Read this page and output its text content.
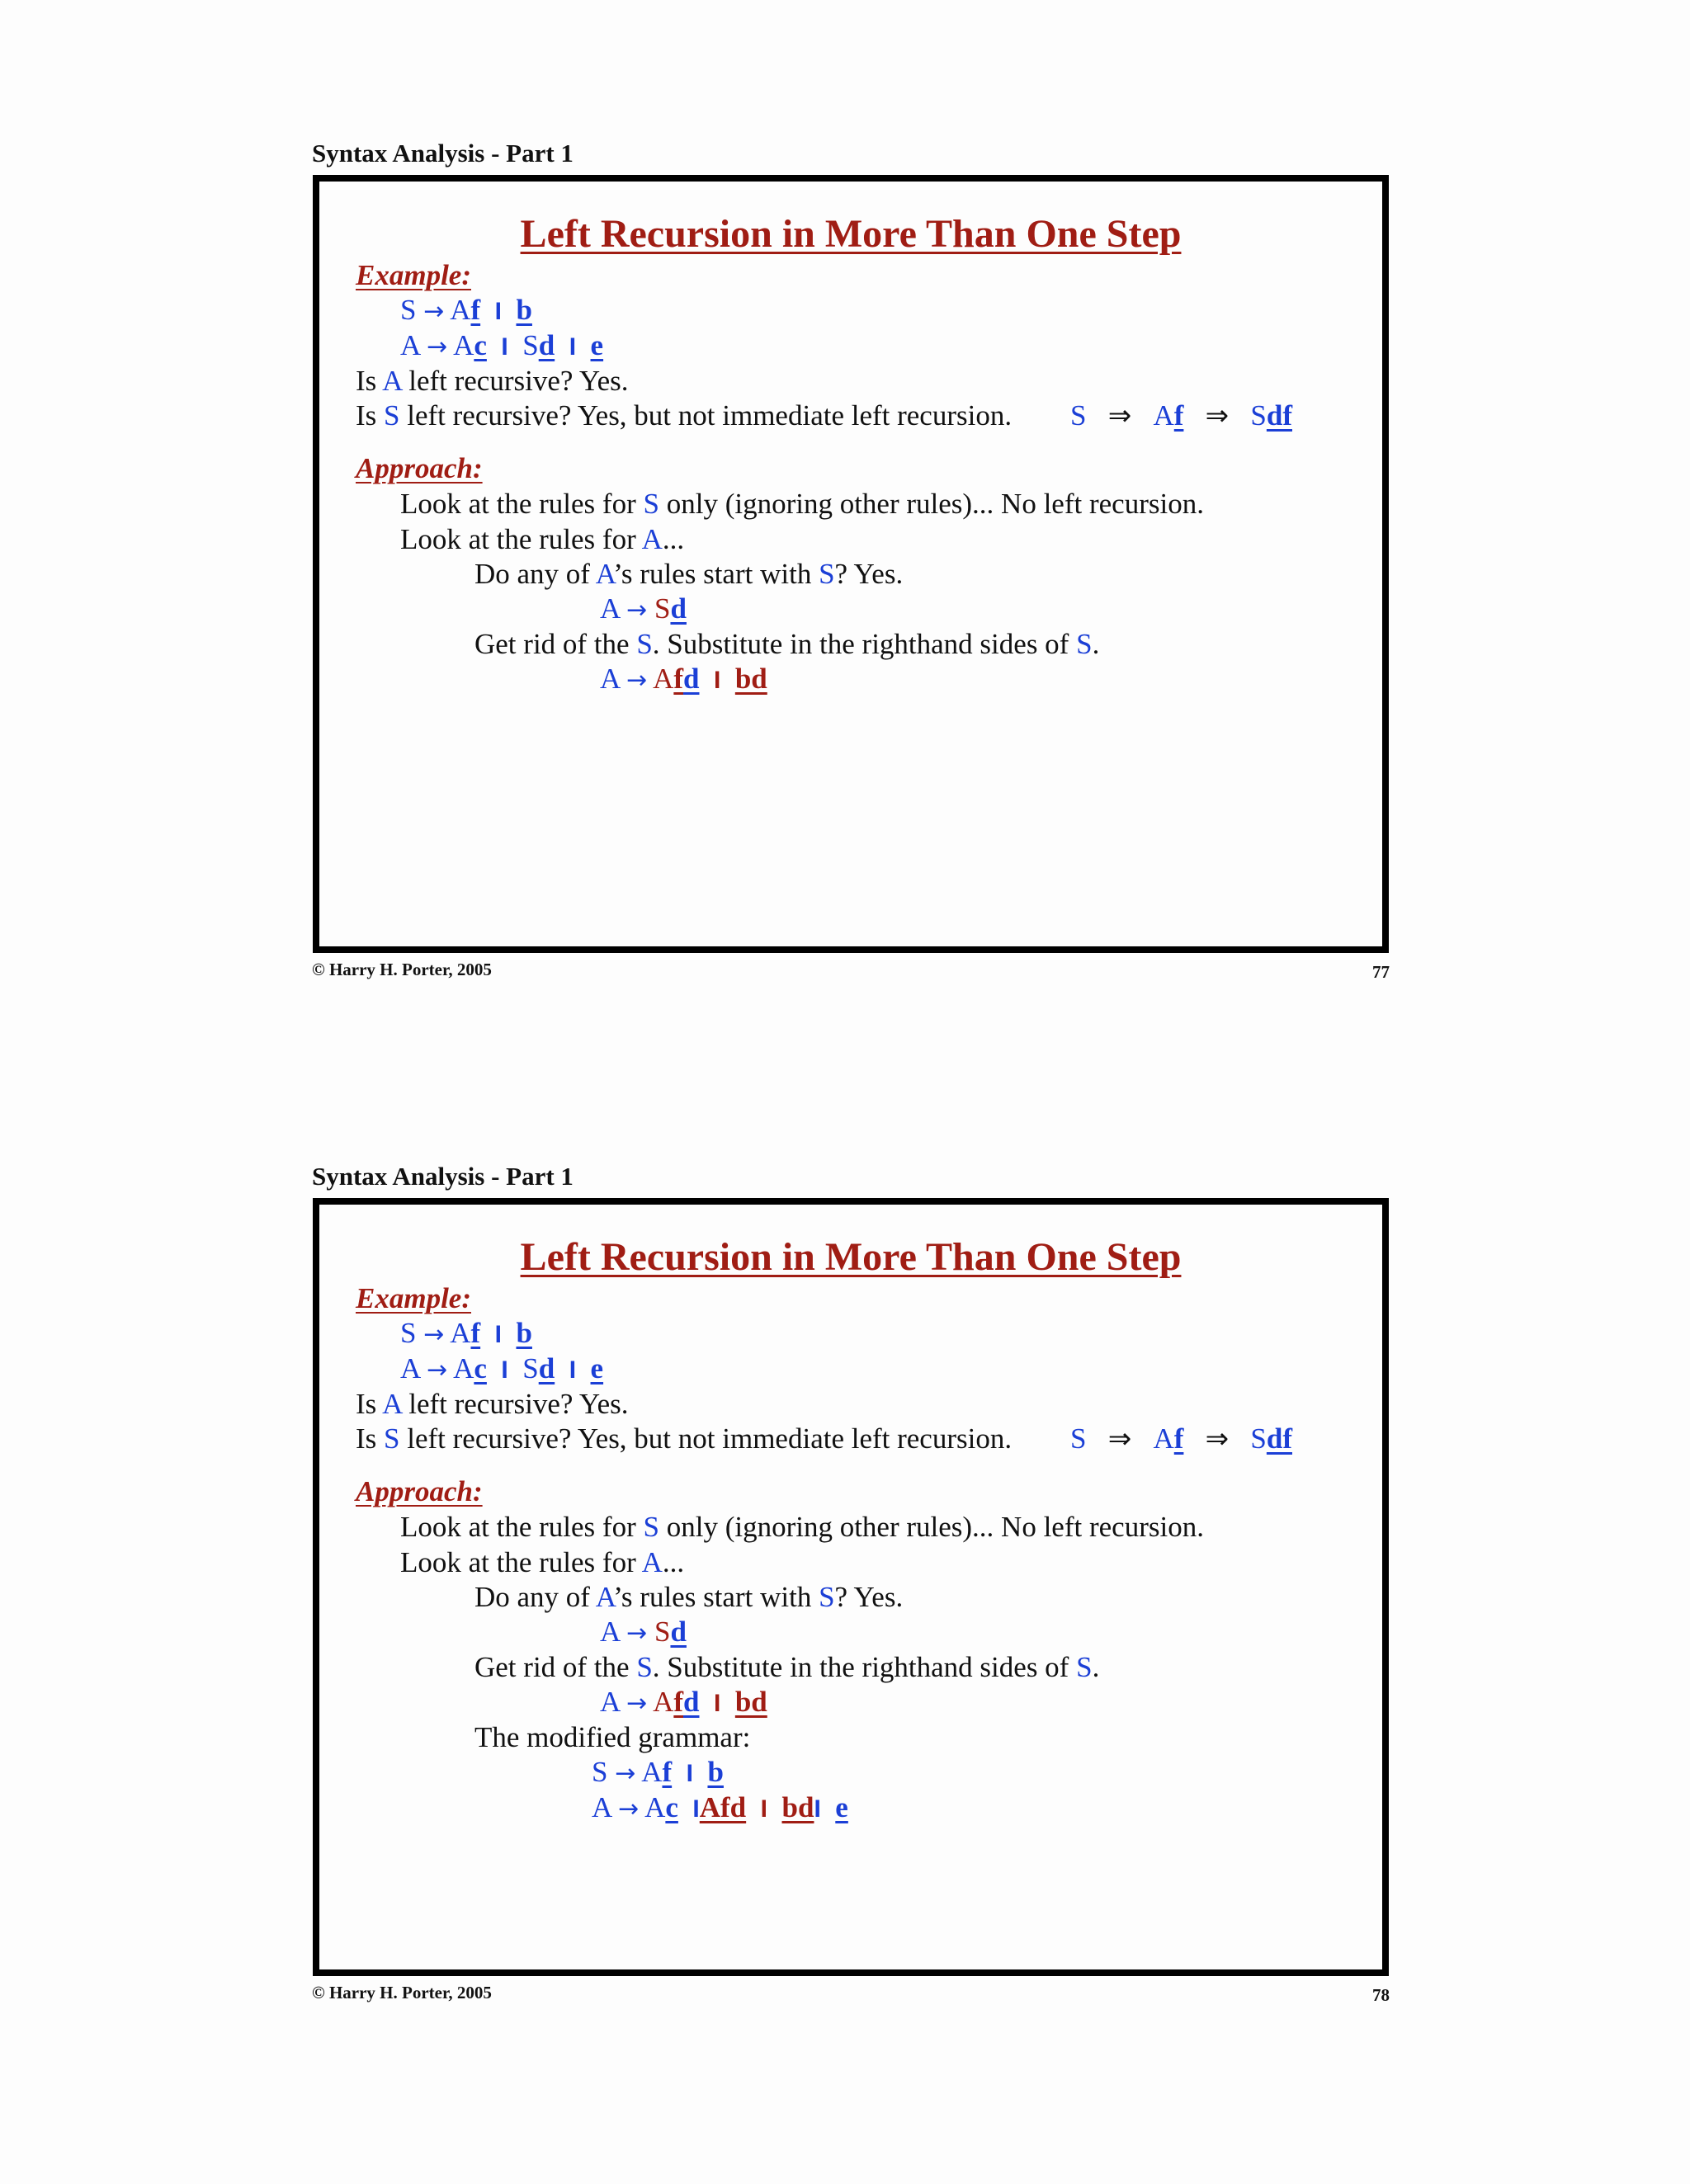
Syntax Analysis - Part 1
Left Recursion in More Than One Step
Example:
S → Af I b
A → Ac I Sd I e
Is A left recursive? Yes.
Is S left recursive? Yes, but not immediate left recursion. S ⇒ Af ⇒ Sdf
Approach:
Look at the rules for S only (ignoring other rules)... No left recursion.
Look at the rules for A...
Do any of A’s rules start with S? Yes.
A → Sd
Get rid of the S. Substitute in the righthand sides of S.
A → Afd I bd
© Harry H. Porter, 2005	77
Syntax Analysis - Part 1
Left Recursion in More Than One Step
Example:
S → Af I b
A → Ac I Sd I e
Is A left recursive? Yes.
Is S left recursive? Yes, but not immediate left recursion. S ⇒ Af ⇒ Sdf
Approach:
Look at the rules for S only (ignoring other rules)... No left recursion.
Look at the rules for A...
Do any of A’s rules start with S? Yes.
A → Sd
Get rid of the S. Substitute in the righthand sides of S.
A → Afd I bd
The modified grammar:
S → Af I b
A → Ac IAfd I bdI e
© Harry H. Porter, 2005	78
